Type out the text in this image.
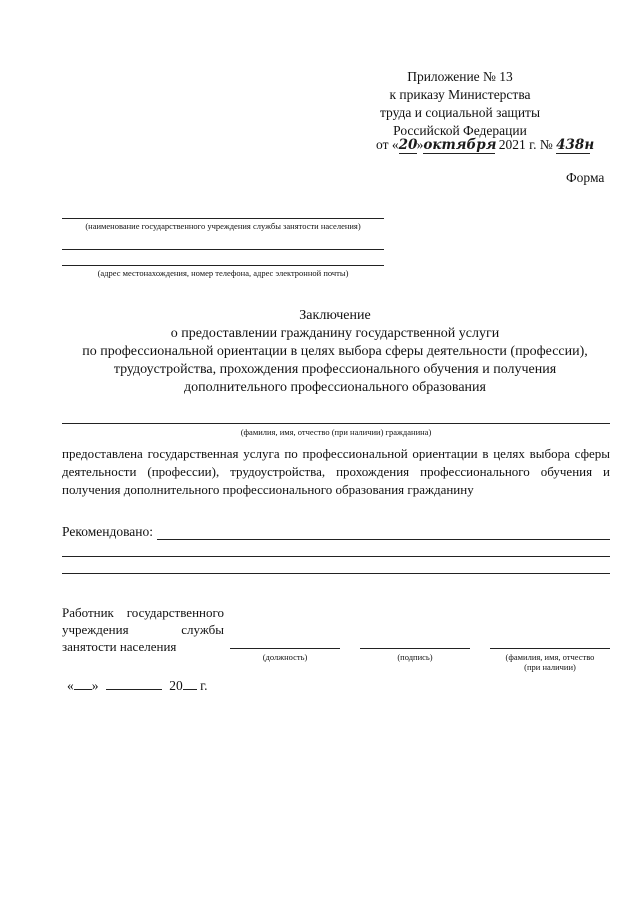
Приложение № 13
к приказу Министерства
труда и социальной защиты
Российской Федерации
от «20»октября 2021 г. № 438н
Форма
(наименование государственного учреждения службы занятости населения)
(адрес местонахождения, номер телефона, адрес электронной почты)
Заключение
о предоставлении гражданину государственной услуги
по профессиональной ориентации в целях выбора сферы деятельности (профессии),
трудоустройства, прохождения профессионального обучения и получения
дополнительного профессионального образования
(фамилия, имя, отчество (при наличии) гражданина)
предоставлена государственная услуга по профессиональной ориентации в целях выбора сферы деятельности (профессии), трудоустройства, прохождения профессионального обучения и получения дополнительного профессионального образования гражданину
Рекомендовано:
Работник государственного
учреждения	службы
занятости населения
(должность)	(подпись)	(фамилия, имя, отчество
(при наличии)
« »	20 г.
